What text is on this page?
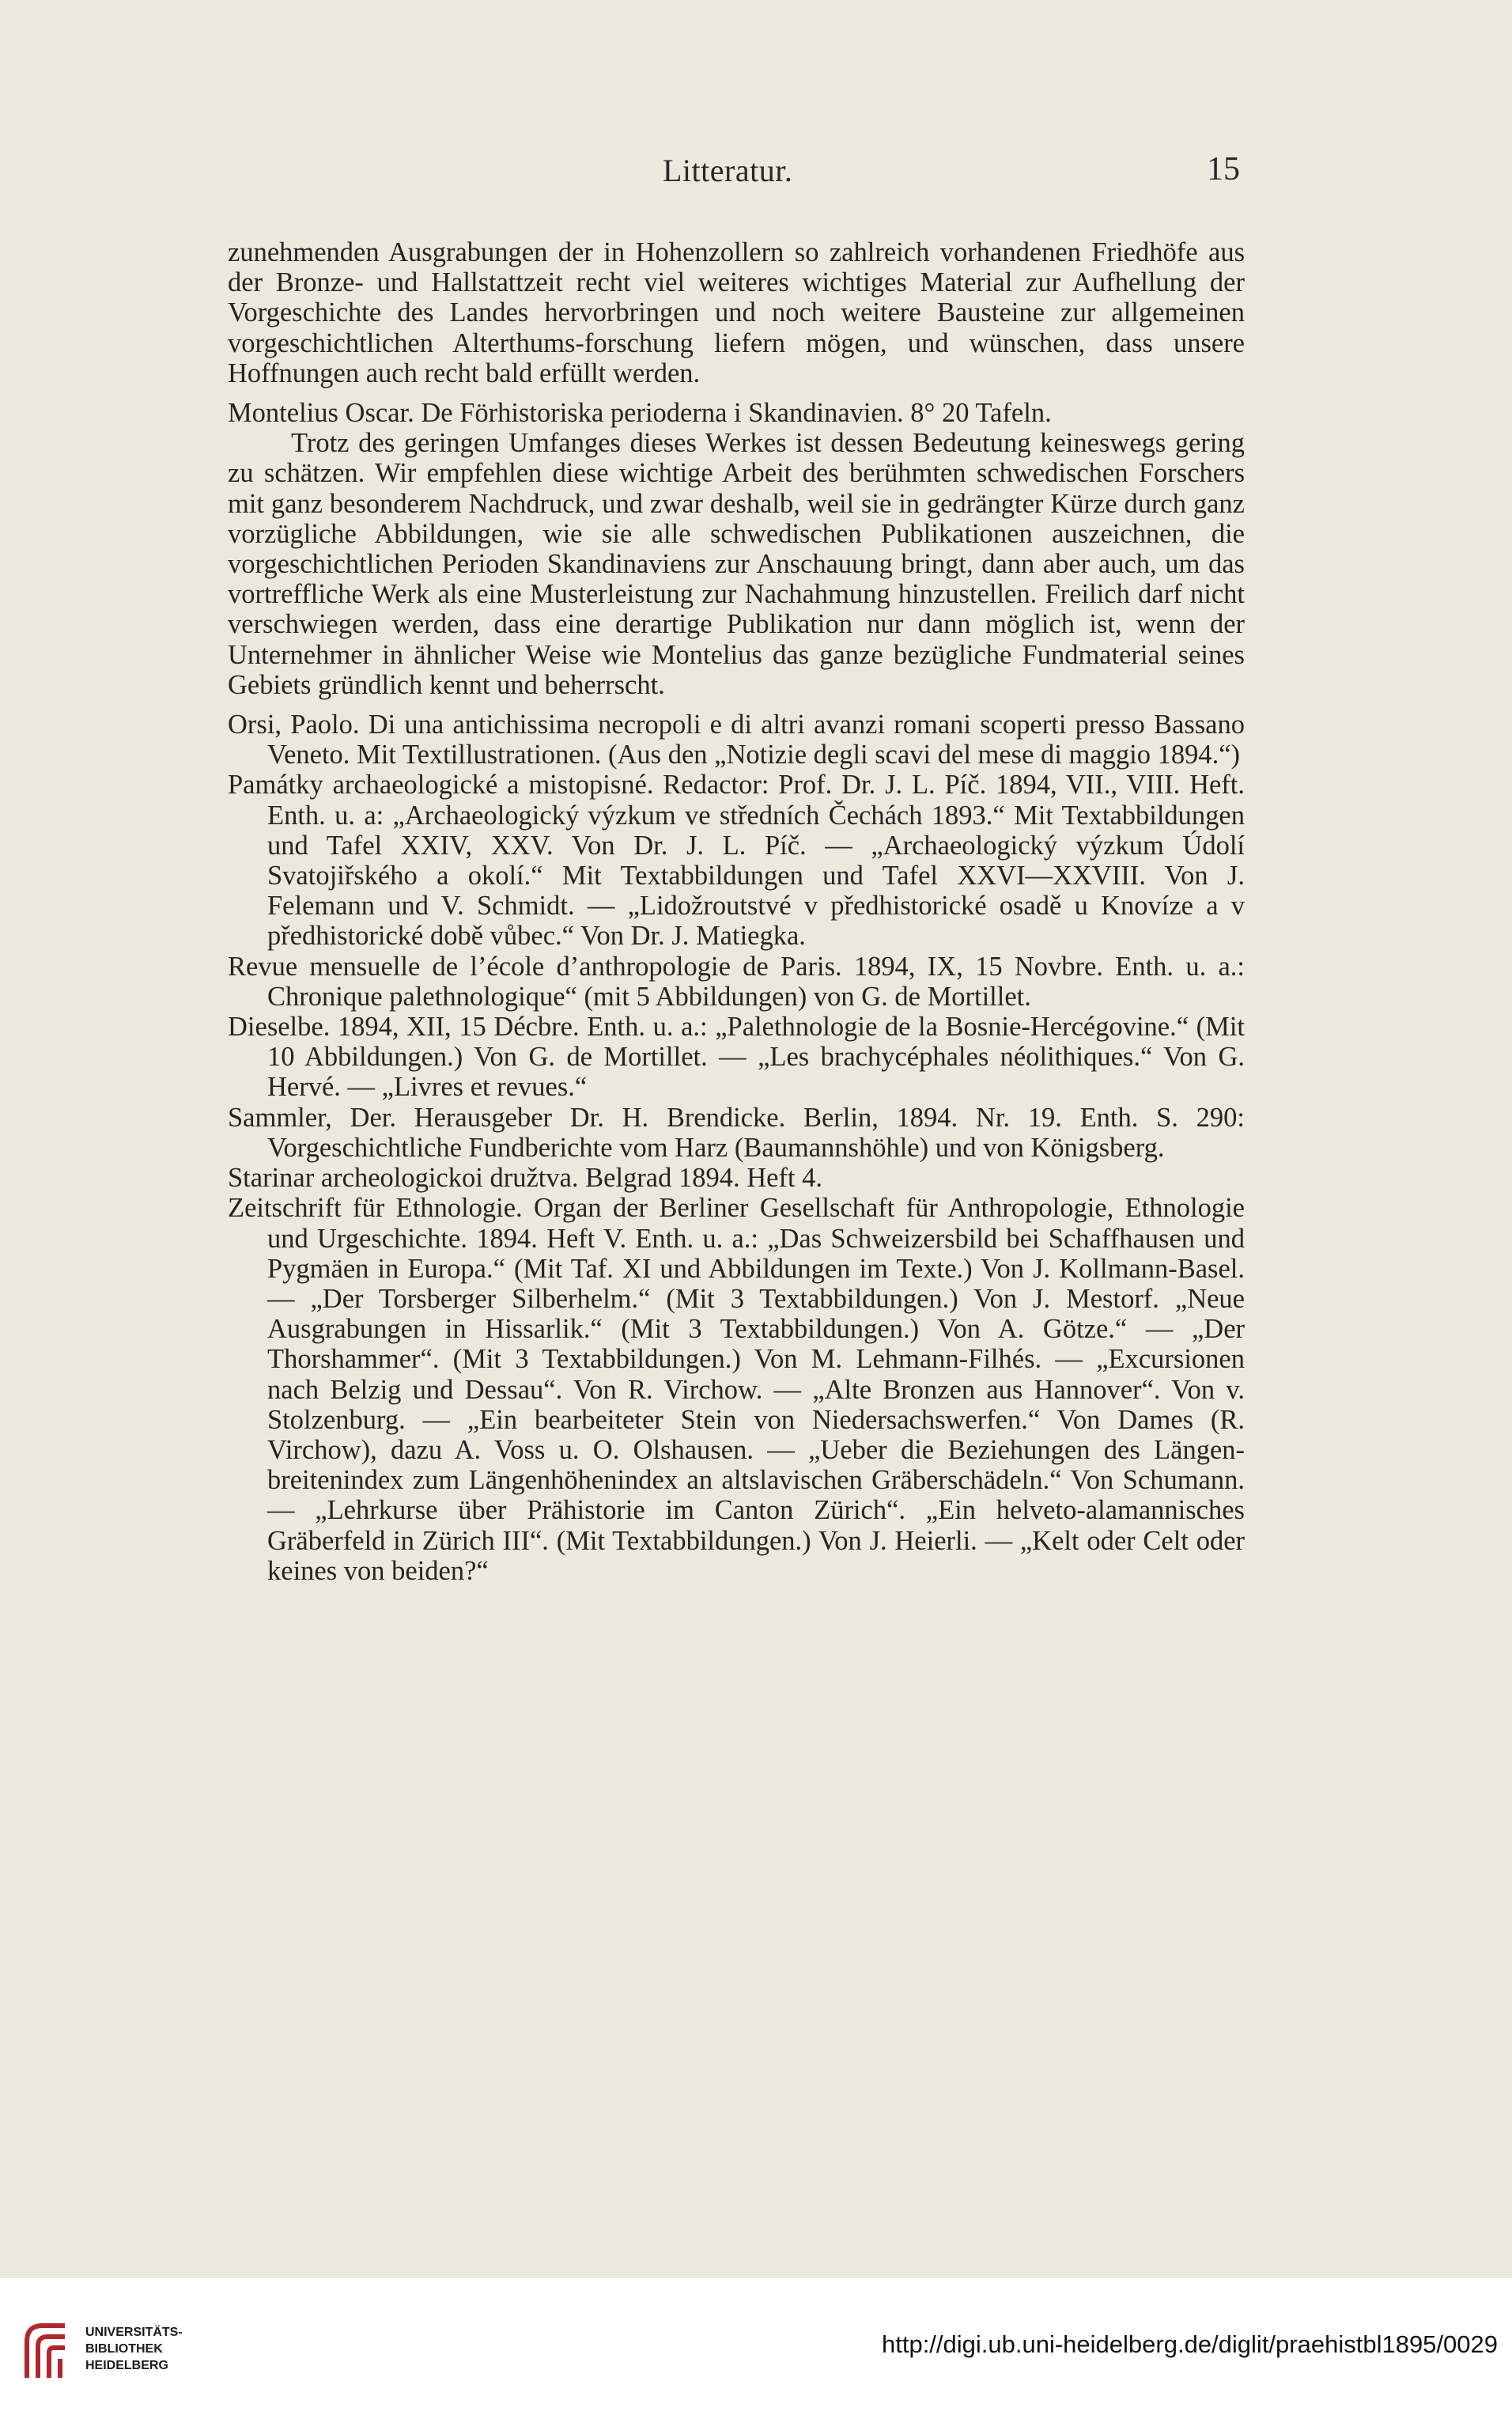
Litteratur.	15

zunehmenden Ausgrabungen der in Hohenzollern so zahlreich vorhandenen Friedhöfe aus der Bronze- und Hallstattzeit recht viel weiteres wichtiges Material zur Aufhellung der Vorgeschichte des Landes hervorbringen und noch weitere Bausteine zur allgemeinen vorgeschichtlichen Alterthums-forschung liefern mögen, und wünschen, dass unsere Hoffnungen auch recht bald erfüllt werden.

Montelius Oscar. De Förhistoriska perioderna i Skandinavien. 8° 20 Tafeln.

Trotz des geringen Umfanges dieses Werkes ist dessen Bedeutung keineswegs gering zu schätzen. Wir empfehlen diese wichtige Arbeit des berühmten schwedischen Forschers mit ganz besonderem Nachdruck, und zwar deshalb, weil sie in gedrängter Kürze durch ganz vorzügliche Abbildungen, wie sie alle schwedischen Publikationen auszeichnen, die vorgeschichtlichen Perioden Skandinaviens zur Anschauung bringt, dann aber auch, um das vortreffliche Werk als eine Musterleistung zur Nachahmung hinzustellen. Freilich darf nicht verschwiegen werden, dass eine derartige Publikation nur dann möglich ist, wenn der Unternehmer in ähnlicher Weise wie Montelius das ganze bezügliche Fundmaterial seines Gebiets gründlich kennt und beherrscht.

Orsi, Paolo. Di una antichissima necropoli e di altri avanzi romani scoperti presso Bassano Veneto. Mit Textillustrationen. (Aus den „Notizie degli scavi del mese di maggio 1894.“)

Památky archaeologické a mistopisné. Redactor: Prof. Dr. J. L. Píč. 1894, VII., VIII. Heft. Enth. u. a: „Archaeologický výzkum ve středních Čechách 1893.“ Mit Textabbildungen und Tafel XXIV, XXV. Von Dr. J. L. Píč. — „Archaeologický výzkum Údolí Svatojiřského a okolí.“ Mit Textabbildungen und Tafel XXVI—XXVIII. Von J. Felemann und V. Schmidt. — „Lidožroutstvé v předhistorické osadě u Knovíze a v předhistorické době vůbec.“ Von Dr. J. Matiegka.

Revue mensuelle de l’école d’anthropologie de Paris. 1894, IX, 15 Novbre. Enth. u. a.: Chronique palethnologique“ (mit 5 Abbildungen) von G. de Mortillet.

Dieselbe. 1894, XII, 15 Décbre. Enth. u. a.: „Palethnologie de la Bosnie-Hercégovine.“ (Mit 10 Abbildungen.) Von G. de Mortillet. — „Les brachycéphales néolithiques.“ Von G. Hervé. — „Livres et revues.“

Sammler, Der. Herausgeber Dr. H. Brendicke. Berlin, 1894. Nr. 19. Enth. S. 290: Vorgeschichtliche Fundberichte vom Harz (Baumannshöhle) und von Königsberg.

Starinar archeologickoi družtva. Belgrad 1894. Heft 4.

Zeitschrift für Ethnologie. Organ der Berliner Gesellschaft für Anthropologie, Ethnologie und Urgeschichte. 1894. Heft V. Enth. u. a.: „Das Schweizersbild bei Schaffhausen und Pygmäen in Europa.“ (Mit Taf. XI und Abbildungen im Texte.) Von J. Kollmann-Basel. — „Der Torsberger Silberhelm.“ (Mit 3 Textabbildungen.) Von J. Mestorf. „Neue Ausgrabungen in Hissarlik.“ (Mit 3 Textabbildungen.) Von A. Götze.“ — „Der Thorshammer“. (Mit 3 Textabbildungen.) Von M. Lehmann-Filhés. — „Excursionen nach Belzig und Dessau“. Von R. Virchow. — „Alte Bronzen aus Hannover“. Von v. Stolzenburg. — „Ein bearbeiteter Stein von Niedersachswerfen.“ Von Dames (R. Virchow), dazu A. Voss u. O. Olshausen. — „Ueber die Beziehungen des Längen-breitenindex zum Längenhöhenindex an altslavischen Gräberschädeln.“ Von Schumann. — „Lehrkurse über Prähistorie im Canton Zürich“. „Ein helveto-alamannisches Gräberfeld in Zürich III“. (Mit Textabbildungen.) Von J. Heierli. — „Kelt oder Celt oder keines von beiden?“

UNIVERSITÄTS-
BIBLIOTHEK
HEIDELBERG
http://digi.ub.uni-heidelberg.de/diglit/praehistbl1895/0029
